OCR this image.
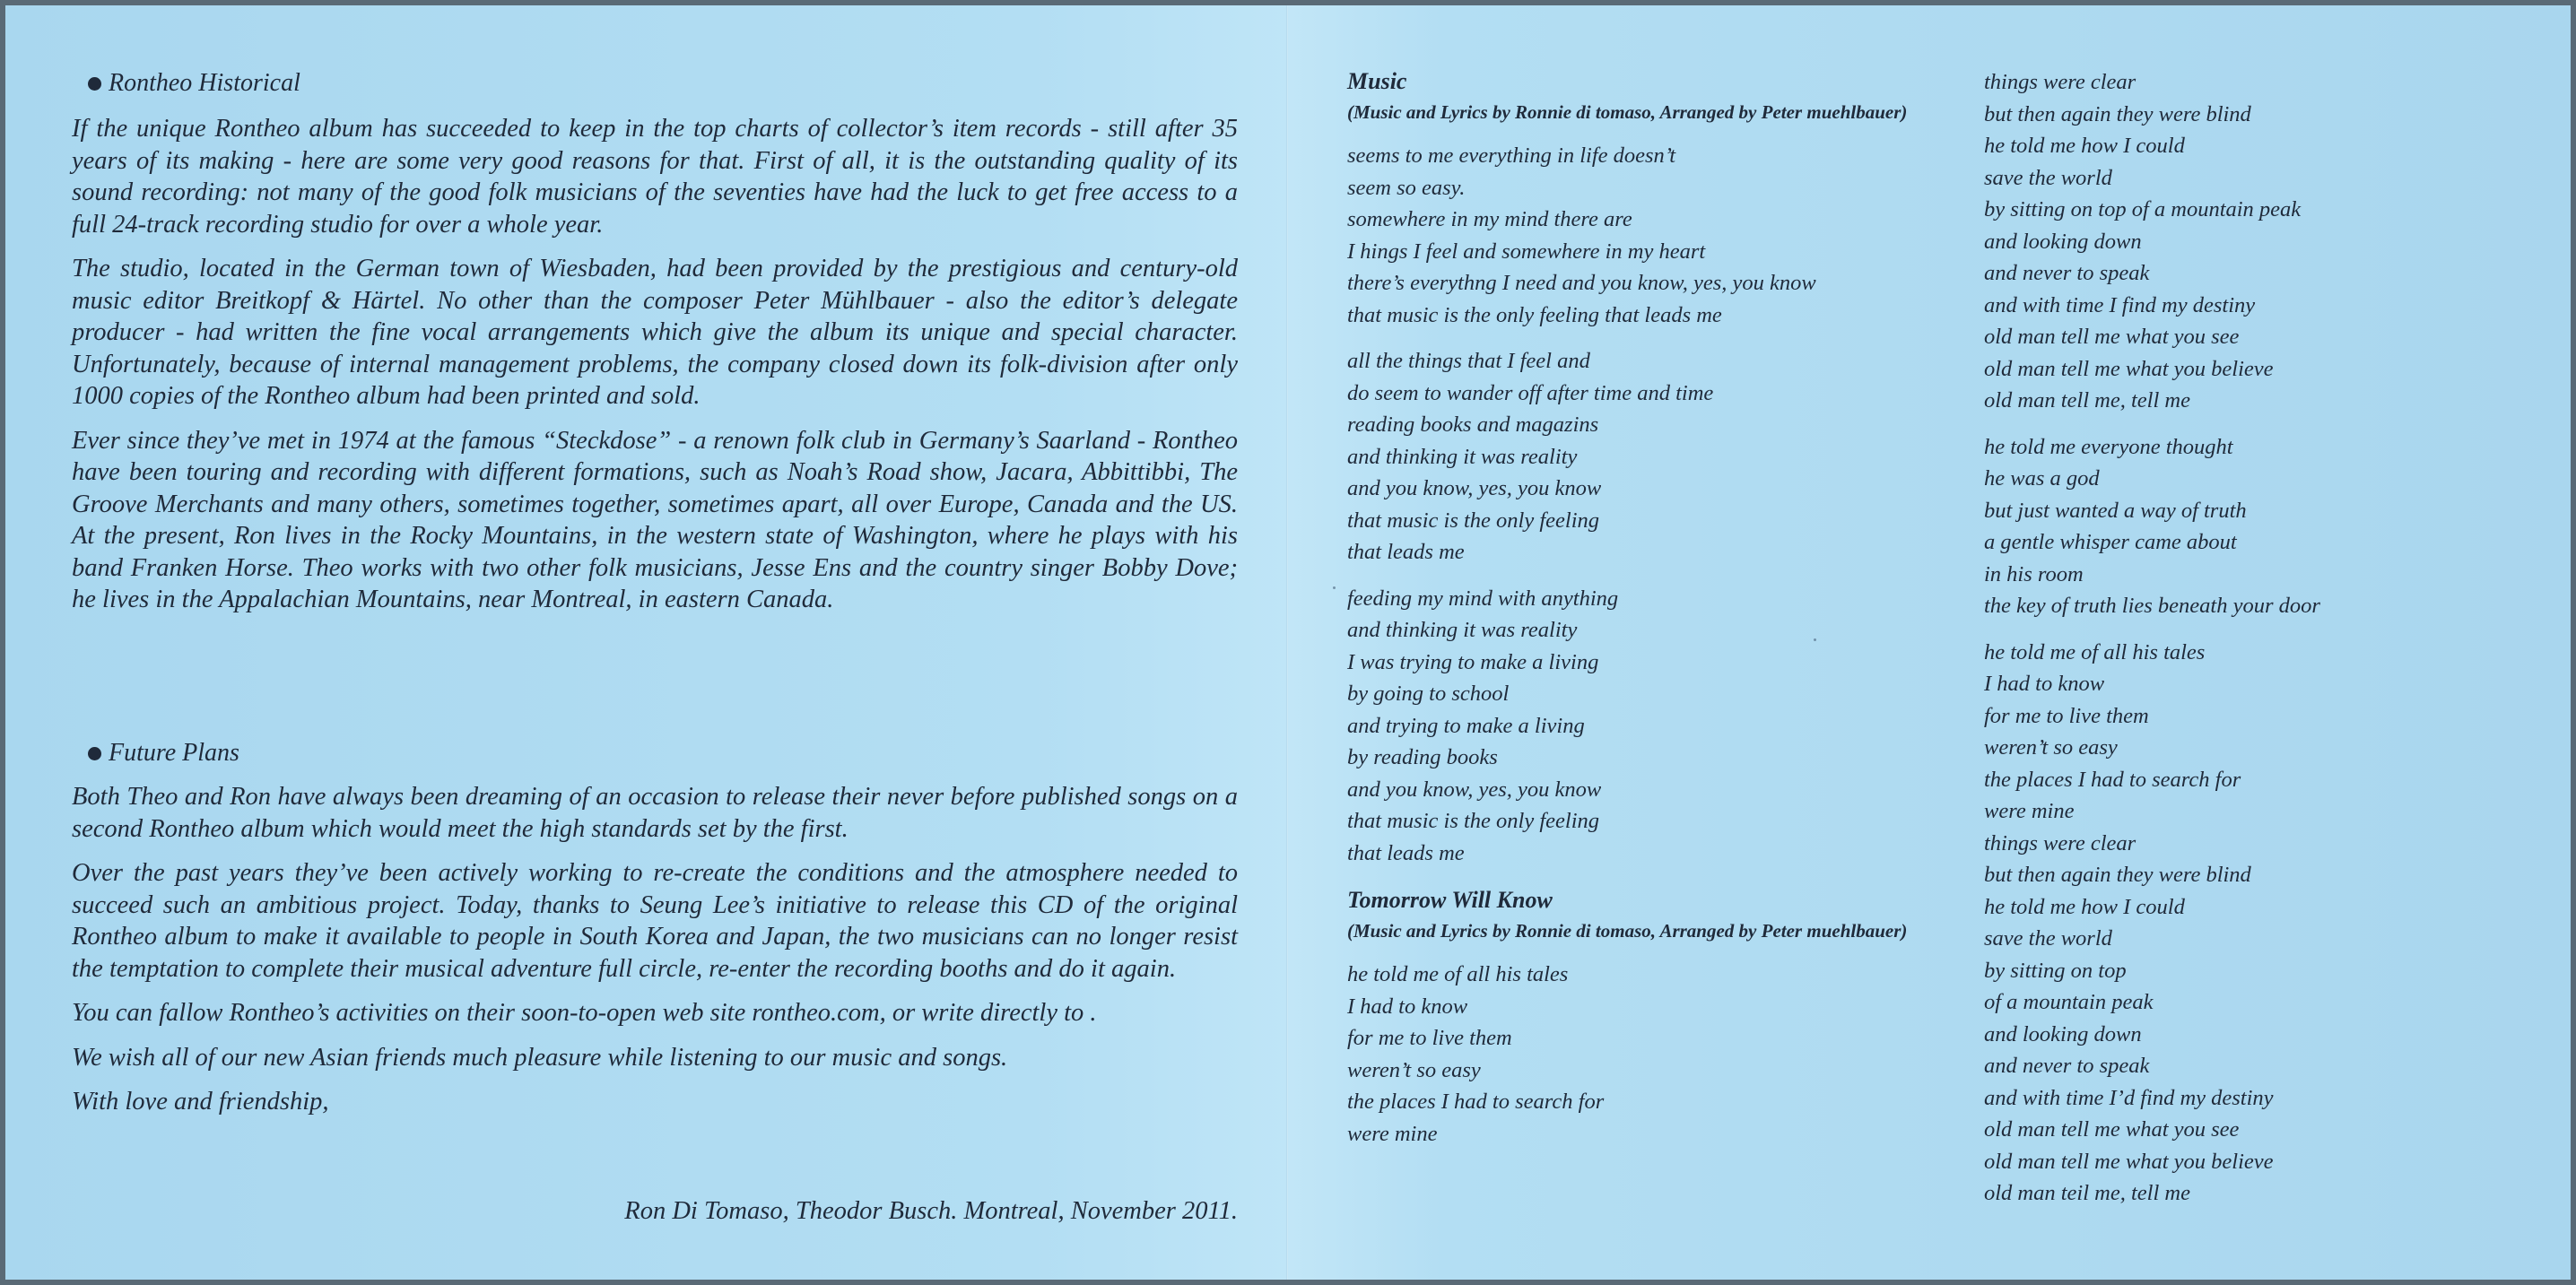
Rontheo Historical

If the unique Rontheo album has succeeded to keep in the top charts of collector’s item records - still after 35 years of its making - here are some very good reasons for that. First of all, it is the outstanding quality of its sound recording: not many of the good folk musicians of the seventies have had the luck to get free access to a full 24-track recording studio for over a whole year.

The studio, located in the German town of Wiesbaden, had been provided by the prestigious and century-old music editor Breitkopf & Härtel. No other than the composer Peter Mühlbauer - also the editor’s delegate producer - had written the fine vocal arrangements which give the album its unique and special character. Unfortunately, because of internal management problems, the company closed down its folk-division after only 1000 copies of the Rontheo album had been printed and sold.

Ever since they’ve met in 1974 at the famous “Steckdose” - a renown folk club in Germany’s Saarland - Rontheo have been touring and recording with different formations, such as Noah’s Road show, Jacara, Abbittibbi, The Groove Merchants and many others, sometimes together, sometimes apart, all over Europe, Canada and the US. At the present, Ron lives in the Rocky Mountains, in the western state of Washington, where he plays with his band Franken Horse. Theo works with two other folk musicians, Jesse Ens and the country singer Bobby Dove; he lives in the Appalachian Mountains, near Montreal, in eastern Canada.

Future Plans

Both Theo and Ron have always been dreaming of an occasion to release their never before published songs on a second Rontheo album which would meet the high standards set by the first.

Over the past years they’ve been actively working to re-create the conditions and the atmosphere needed to succeed such an ambitious project. Today, thanks to Seung Lee’s initiative to release this CD of the original Rontheo album to make it available to people in South Korea and Japan, the two musicians can no longer resist the temptation to complete their musical adventure full circle, re-enter the recording booths and do it again.

You can fallow Rontheo’s activities on their soon-to-open web site rontheo.com, or write directly to .

We wish all of our new Asian friends much pleasure while listening to our music and songs.

With love and friendship,

Ron Di Tomaso, Theodor Busch. Montreal, November 2011.

Music

(Music and Lyrics by Ronnie di tomaso, Arranged by Peter muehlbauer)

seems to me everything in life doesn’t
seem so easy.
somewhere in my mind there are
I hings I feel and somewhere in my heart
there’s everythng I need and you know, yes, you know
that music is the only feeling that leads me
all the things that I feel and
do seem to wander off after time and time
reading books and magazins
and thinking it was reality
and you know, yes, you know
that music is the only feeling
that leads me
feeding my mind with anything
and thinking it was reality
I was trying to make a living
by going to school
and trying to make a living
by reading books
and you know, yes, you know
that music is the only feeling
that leads me

Tomorrow Will Know

(Music and Lyrics by Ronnie di tomaso, Arranged by Peter muehlbauer)

he told me of all his tales
I had to know
for me to live them
weren’t so easy
the places I had to search for
were mine
things were clear
but then again they were blind
he told me how I could
save the world
by sitting on top of a mountain peak
and looking down
and never to speak
and with time I find my destiny
old man tell me what you see
old man tell me what you believe
old man tell me, tell me
he told me everyone thought
he was a god
but just wanted a way of truth
a gentle whisper came about
in his room
the key of truth lies beneath your door
he told me of all his tales
I had to know
for me to live them
weren’t so easy
the places I had to search for
were mine
things were clear
but then again they were blind
he told me how I could
save the world
by sitting on top
of a mountain peak
and looking down
and never to speak
and with time I’d find my destiny
old man tell me what you see
old man tell me what you believe
old man teil me, tell me
